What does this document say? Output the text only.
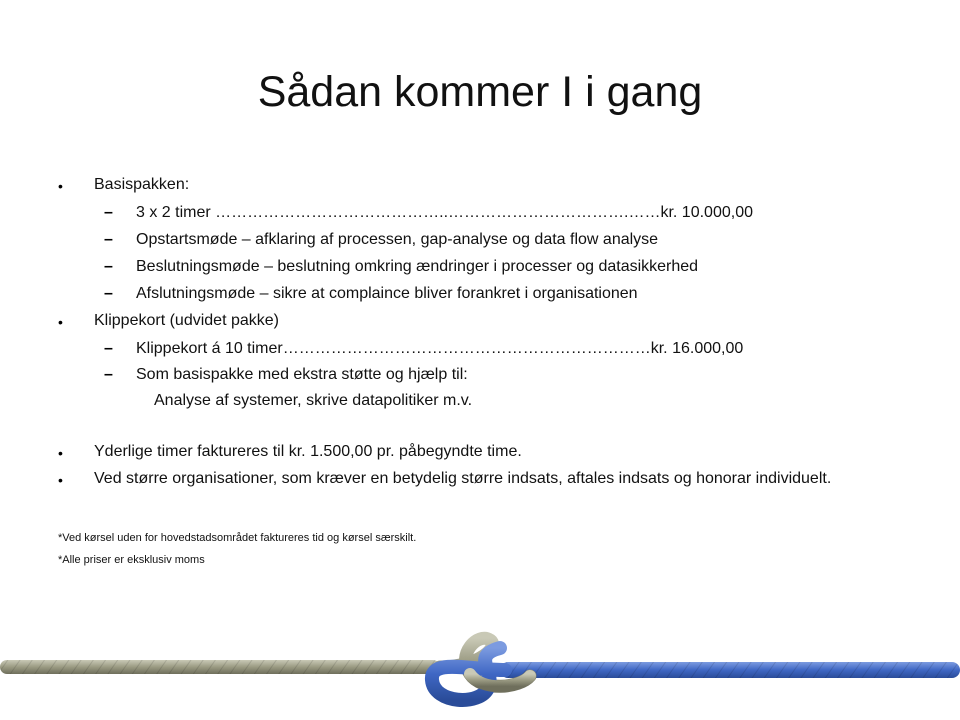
Sådan kommer I i gang
• Basispakken:
– 3 x 2 timer ……………………………………..…………………………….……kr. 10.000,00
– Opstartsmøde – afklaring af processen, gap-analyse og data flow analyse
– Beslutningsmøde – beslutning omkring ændringer i processer og datasikkerhed
– Afslutningsmøde – sikre at complaince bliver forankret i organisationen
• Klippekort (udvidet pakke)
– Klippekort á 10 timer……………………………………………………………kr. 16.000,00
– Som basispakke med ekstra støtte og hjælp til:
Analyse af systemer, skrive datapolitiker m.v.
• Yderlige timer faktureres til kr. 1.500,00 pr. påbegyndte time.
• Ved større organisationer, som kræver en betydelig større indsats, aftales indsats og honorar individuelt.
*Ved kørsel uden for hovedstadsområdet faktureres tid og kørsel særskilt.
*Alle priser er eksklusiv moms
